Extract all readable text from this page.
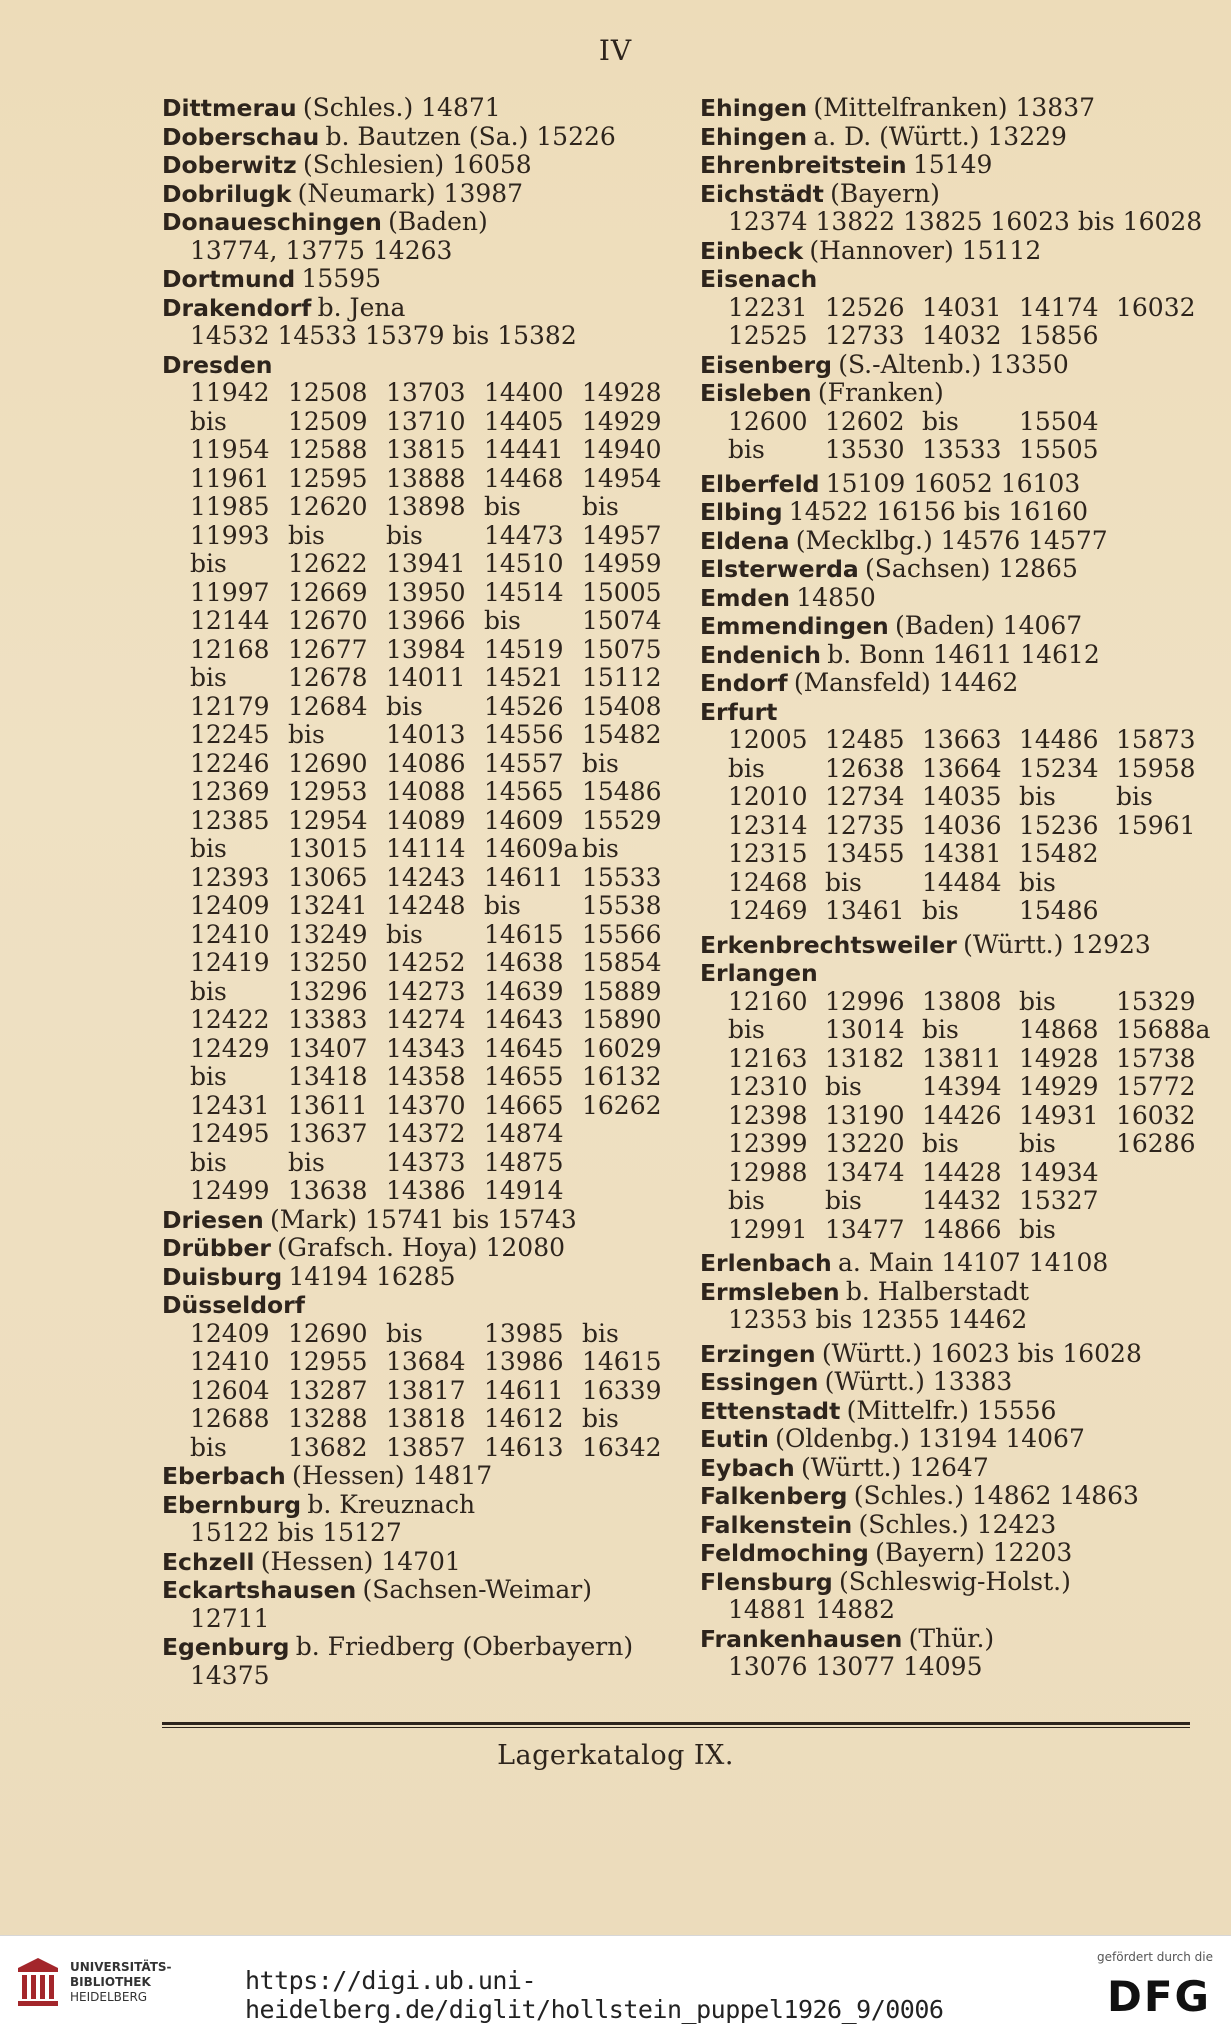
IV
Dittmerau (Schles.) 14871
Doberschau b. Bautzen (Sa.) 15226
Doberwitz (Schlesien) 16058
Dobrilugk (Neumark) 13987
Donaueschingen (Baden)
13774, 13775 14263
Dortmund 15595
Drakendorf b. Jena
14532 14533 15379 bis 15382
Dresden
11942 12508 13703 14400 14928
bis	12509 13710 14405 14929
11954 12588 13815 14441 14940
11961 12595 13888 14468 14954
11985 12620 13898 bis	bis
11993 bis	bis	14473 14957
bis	12622 13941 14510 14959
11997 12669 13950 14514 15005
12144 12670 13966 bis	15074
12168 12677 13984 14519 15075
bis	12678 14011 14521 15112
12179 12684 bis	14526 15408
12245 bis	14013 14556 15482
12246 12690 14086 14557 bis
12369 12953 14088 14565 15486
12385 12954 14089 14609 15529
bis	13015 14114 14609a bis
12393 13065 14243 14611 15533
12409 13241 14248 bis	15538
12410 13249 bis	14615 15566
12419 13250 14252 14638 15854
bis	13296 14273 14639 15889
12422 13383 14274 14643 15890
12429 13407 14343 14645 16029
bis	13418 14358 14655 16132
12431 13611 14370 14665 16262
12495 13637 14372 14874
bis	bis	14373 14875
12499 13638 14386 14914
Driesen (Mark) 15741 bis 15743
Drübber (Grafsch. Hoya) 12080
Duisburg 14194 16285
Düsseldorf
12409 12690 bis	13985 bis
12410 12955 13684 13986 14615
12604 13287 13817 14611 16339
12688 13288 13818 14612 bis
bis	13682 13857 14613 16342
Eberbach (Hessen) 14817
Ebernburg b. Kreuznach
15122 bis 15127
Echzell (Hessen) 14701
Eckartshausen (Sachsen-Weimar)
12711
Egenburg b. Friedberg (Oberbayern)
14375
Ehingen (Mittelfranken) 13837
Ehingen a. D. (Württ.) 13229
Ehrenbreitstein 15149
Eichstädt (Bayern)
12374 13822 13825 16023 bis 16028
Einbeck (Hannover) 15112
Eisenach
12231 12526 14031 14174 16032
12525 12733 14032 15856
Eisenberg (S.-Altenb.) 13350
Eisleben (Franken)
12600 12602 bis	15504
bis	13530 13533 15505
Elberfeld 15109 16052 16103
Elbing 14522 16156 bis 16160
Eldena (Mecklbg.) 14576 14577
Elsterwerda (Sachsen) 12865
Emden 14850
Emmendingen (Baden) 14067
Endenich b. Bonn 14611 14612
Endorf (Mansfeld) 14462
Erfurt
12005 12485 13663 14486 15873
bis	12638 13664 15234 15958
12010 12734 14035 bis	bis
12314 12735 14036 15236 15961
12315 13455 14381 15482
12468 bis	14484 bis
12469 13461 bis	15486
Erkenbrechtsweiler (Württ.) 12923
Erlangen
12160 12996 13808 bis	15329
bis	13014 bis	14868 15688a
12163 13182 13811 14928 15738
12310 bis	14394 14929 15772
12398 13190 14426 14931 16032
12399 13220 bis	bis	16286
12988 13474 14428 14934
bis	bis	14432 15327
12991 13477 14866 bis
Erlenbach a. Main 14107 14108
Ermsleben b. Halberstadt
12353 bis 12355 14462
Erzingen (Württ.) 16023 bis 16028
Essingen (Württ.) 13383
Ettenstadt (Mittelfr.) 15556
Eutin (Oldenbg.) 13194 14067
Eybach (Württ.) 12647
Falkenberg (Schles.) 14862 14863
Falkenstein (Schles.) 12423
Feldmoching (Bayern) 12203
Flensburg (Schleswig-Holst.)
14881 14882
Frankenhausen (Thür.)
13076 13077 14095
Lagerkatalog IX.
UNIVERSITÄTS-
BIBLIOTHEK
HEIDELBERG
https://digi.ub.uni-heidelberg.de/diglit/hollstein_puppel1926_9/0006
gefördert durch die
DFG
